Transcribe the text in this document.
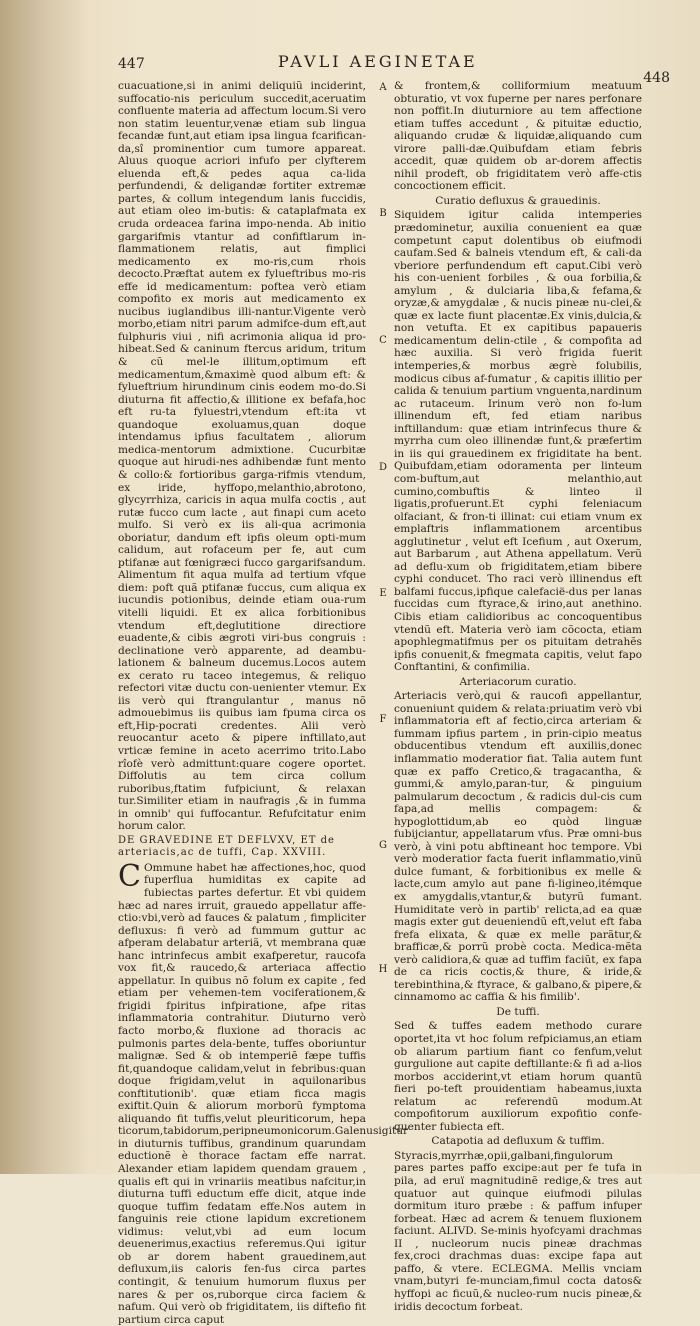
447	PAVLI AEGINETAE
448

cuacuatione,si in animi deliquiũ inciderint, suffocatio-nis periculum succedit,aceruatim confluente materia ad affectum locum.Si vero non statim leuentur,venæ etiam sub lingua fecandæ funt,aut etiam ipsa lingua fcarifican-da,sî prominentior cum tumore appareat. Aluus quoque acriori infufo per clyfterem eluenda eft,& pedes aqua ca-lida perfundendi, & deligandæ fortiter extremæ partes, & collum integendum lanis fuccidis, aut etiam oleo im-butis: & cataplafmata ex cruda ordeacea farina impo-nenda. Ab initio gargarifmis vtantur ad confiftlarum in-flammationem relatis, aut fimplici medicamento ex mo-ris,cum rhois decocto.Præftat autem ex fylueftribus mo-ris effe id medicamentum: poftea verò etiam compofito ex moris aut medicamento ex nucibus iuglandibus illi-nantur.Vigente verò morbo,etiam nitri parum admifce-dum eft,aut fulphuris viui , nifi acrimonia aliqua id pro-hibeat.Sed & caninum ftercus aridum, tritum & cũ mel-le illitum,optimum eft medicamentum,&maximè quod album eft: & fylueftrium hirundinum cinis eodem mo-do.Si diuturna fit affectio,& illitione ex befafa,hoc eft ru-ta fyluestri,vtendum eft:ita vt quandoque exoluamus,quan doque intendamus ipfius facultatem , aliorum medica-mentorum admixtione. Cucurbitæ quoque aut hirudi-nes adhibendæ funt mento & collo:& fortioribus garga-rifmis vtendum, ex iride, hyffopo,melanthio,abrotono, glycyrrhiza, caricis in aqua mulfa coctis , aut rutæ fucco cum lacte , aut finapi cum aceto mulfo. Si verò ex iis ali-qua acrimonia oboriatur, dandum eft ipfis oleum opti-mum calidum, aut rofaceum per fe, aut cum ptifanæ aut fœnigræci fucco gargarifsandum. Alimentum fit aqua mulfa ad tertium vfque diem: poft quã ptifanæ fuccus, cum aliqua ex iucundis potionibus, deinde etiam oua-rum vitelli liquidi. Et ex alica forbitionibus vtendum eft,deglutitione directiore euadente,& cibis ægroti viri-bus congruis : declinatione verò apparente, ad deambu-lationem & balneum ducemus.Locos autem ex cerato ru taceo integemus, & reliquo refectori vitæ ductu con-uenienter vtemur. Ex iis verò qui ftrangulantur , manus nõ admouebimus iis quibus iam fpuma circa os eft,Hip-pocrati credentes. Alii verò reuocantur aceto & pipere inftillato,aut vrticæ femine in aceto acerrimo trito.Labo rîofè verò admittunt:quare cogere oportet. Diffolutis au tem circa collum ruboribus,ftatim fufpiciunt, & relaxan tur.Similiter etiam in naufragis ,& in fumma in omnib' qui fuffocantur. Refufcitatur enim horum calor.

DE GRAVEDINE ET DEFLVXV, ET de arteriacis,ac de tuffi, Cap. XXVIII.

C Ommune habet hæ affectiones,hoc, quod fuperflua humiditas ex capite ad fubiectas partes defertur. Et vbi quidem hæc ad nares irruit, grauedo appellatur affe-ctio:vbi,verò ad fauces & palatum , fimpliciter defluxus: fi verò ad fummum guttur ac afperam delabatur arteriã, vt membrana quæ hanc intrinfecus ambit exafperetur, raucofa vox fit,& raucedo,& arteriaca affectio appellatur. In quibus nõ folum ex capite , fed etiam per vehemen-tem vociferationem,& frigidi fpiritus infpiratione, afpe ritas inflammatoria contrahitur. Diuturno verò facto morbo,& fluxione ad thoracis ac pulmonis partes dela-bente, tuffes oboriuntur malignæ. Sed & ob intemperiẽ fæpe tuffis fit,quandoque calidam,velut in febribus:quan doque frigidam,velut in aquilonaribus conftitutionib'. quæ etiam ficca magis exiftit.Quin & aliorum morborũ fymptoma aliquando fit tuffis,velut pleuriticorum, hepa ticorum,tabidorum,peripneumonicorum.Galenusigitur in diuturnis tuffibus, grandinum quarundam eductionẽ è thorace factam effe narrat. Alexander etiam lapidem quendam grauem , qualis eft qui in vrinariis meatibus nafcitur,in diuturna tuffi eductum effe dicit, atque inde quoque tuffim fedatam effe.Nos autem in fanguinis reie ctione lapidum excretionem vidimus: velut,vbi ad eum locum deuenerimus,exactius referemus.Qui igitur ob ar dorem habent grauedinem,aut defluxum,iis caloris fen-fus circa partes contingit, & tenuium humorum fluxus per nares & per os,ruborque circa faciem & nafum. Qui verò ob frigiditatem, iis diftefio fit partium circa caput

A
B
C
D
E
F
G
H

& frontem,& colliformium meatuum obturatio, vt vox fuperne per nares perfonare non poffit.In diuturniore au tem affectione etiam tuffes accedunt , & pituitæ eductio, aliquando crudæ & liquidæ,aliquando cum virore palli-dæ.Quibufdam etiam febris accedit, quæ quidem ob ar-dorem affectis nihil prodeft, ob frigiditatem verò affe-ctis concoctionem efficit.

Curatio defluxus & grauedinis.

Siquidem igitur calida intemperies prædominetur, auxilia conuenient ea quæ competunt caput dolentibus ob eiufmodi caufam.Sed & balneis vtendum eft, & cali-da vberiore perfundendum eft caput.Cibi verò his con-uenient forbiles , & oua forbilia,& amylum , & dulciaria liba,& fefama,& oryzæ,& amygdalæ , & nucis pineæ nu-clei,& quæ ex lacte fiunt placentæ.Ex vinis,dulcia,& non vetufta. Et ex capitibus papaueris medicamentum delin-ctile , & compofita ad hæc auxilia. Si verò frigida fuerit intemperies,& morbus ægrè folubilis, modicus cibus af-fumatur , & capitis illitio per calida & tenuium partium vnguenta,nardinum ac rutaceum. Irinum verò non fo-lum illinendum eft, fed etiam naribus inftillandum: quæ etiam intrinfecus thure & myrrha cum oleo illinendæ funt,& præfertim in iis qui grauedinem ex frigiditate ha bent. Quibufdam,etiam odoramenta per linteum com-buftum,aut melanthio,aut cumino,combuftis & linteo il ligatis,profuerunt.Et cyphi feleniacum olfaciant, & fron-ti illinat: cui etiam vnum ex emplaftris inflammationem arcentibus agglutinetur , velut eft Icefium , aut Oxerum, aut Barbarum , aut Athena appellatum. Verũ ad deflu-xum ob frigiditatem,etiam bibere cyphi conducet. Tho raci verò illinendus eft balfami fuccus,ipfique calefacië-dus per lanas fuccidas cum ftyrace,& irino,aut anethino. Cibis etiam calidioribus ac concoquentibus vtendũ eft. Materia verò iam cõcocta, etiam apophlegmatifmus per os pituitam detrahẽs ipfis conuenit,& fmegmata capitis, velut fapo Conftantini, & confimilia.

Arteriacorum curatio.

Arteriacis verò,qui & raucofi appellantur, conueniunt quidem & relata:priuatim verò vbi inflammatoria eft af fectio,circa arteriam & fummam ipfius partem , in prin-cipio meatus obducentibus vtendum eft auxiliis,donec inflammatio moderatior fiat. Talia autem funt quæ ex paffo Cretico,& tragacantha, & gummi,& amylo,paran-tur, & pinguium palmularum decoctum , & radicis dul-cis cum fapa,ad mellis compagem: & hypoglottidum,ab eo quòd linguæ fubijciantur, appellatarum vfus. Præ omni-bus verò, à vini potu abftineant hoc tempore. Vbi verò moderatior facta fuerit inflammatio,vinũ dulce fumant, & forbitionibus ex melle & lacte,cum amylo aut pane fi-ligineo,itémque ex amygdalis,vtantur,& butyrũ fumant. Humiditate verò in partib' relicta,ad ea quæ magis exter gut deueniendũ eft,velut eft faba frefa elixata, & quæ ex melle parãtur,& brafficæ,& porrũ probè cocta. Medica-mẽta verò calidiora,& quæ ad tuffim faciũt, ex fapa de ca ricis coctis,& thure, & iride,& terebinthina,& ftyrace, & galbano,& pipere,& cinnamomo ac caffia & his fimilib'.

De tuffi.

Sed & tuffes eadem methodo curare oportet,ita vt hoc folum refpiciamus,an etiam ob aliarum partium fiant co fenfum,velut gurgulione aut capite deftillante:& fi ad a-lios morbos acciderint,vt etiam horum quantũ fieri po-teft prouidentiam habeamus,iuxta relatum ac referendũ modum.At compofitorum auxiliorum expofitio confe-quenter fubiecta eft.

Catapotia ad defluxum & tuffim.

Styracis,myrrhæ,opii,galbani,fingulorum pares partes paffo excipe:aut per fe tufa in pila, ad eruï magnitudinẽ redige,& tres aut quatuor aut quinque eiufmodi pilulas dormitum ituro præbe : & paffum infuper forbeat. Hæc ad acrem & tenuem fluxionem faciunt. ALIVD. Se-minis hyofcyami drachmas II , nucleorum nucis pineæ drachmas fex,croci drachmas duas: excipe fapa aut paffo, & vtere. ECLEGMA. Mellis vnciam vnam,butyri fe-munciam,fimul cocta datos& hyffopi ac ficuũ,& nucleo-rum nucis pineæ,& iridis decoctum forbeat.
